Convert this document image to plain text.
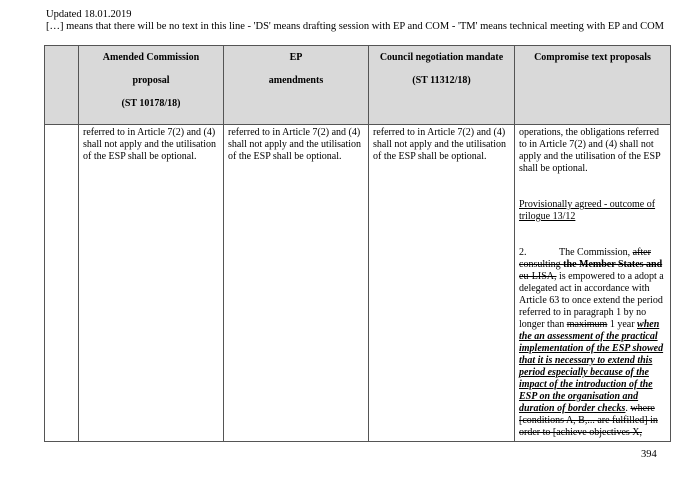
Updated 18.01.2019
[…] means that there will be no text in this line - 'DS' means drafting session with EP and COM - 'TM' means technical meeting with EP and COM

	Amended Commission
proposal
(ST 10178/18)	EP
amendments	Council negotiation mandate
(ST 11312/18)	Compromise text proposals

	referred to in Article 7(2) and (4) shall not apply and the utilisation of the ESP shall be optional.	referred to in Article 7(2) and (4) shall not apply and the utilisation of the ESP shall be optional.	referred to in Article 7(2) and (4) shall not apply and the utilisation of the ESP shall be optional.	operations, the obligations referred to in Article 7(2) and (4) shall not apply and the utilisation of the ESP shall be optional.
Provisionally agreed - outcome of trilogue 13/12
2. The Commission, after consulting the Member States and eu-LISA, is empowered to a adopt a delegated act in accordance with Article 63 to once extend the period referred to in paragraph 1 by no longer than maximum 1 year when the an assessment of the practical implementation of the ESP showed that it is necessary to extend this period especially because of the impact of the introduction of the ESP on the organisation and duration of border checks. where [conditions A, B,... are fulfilled] in order to [achieve objectives X,
394
